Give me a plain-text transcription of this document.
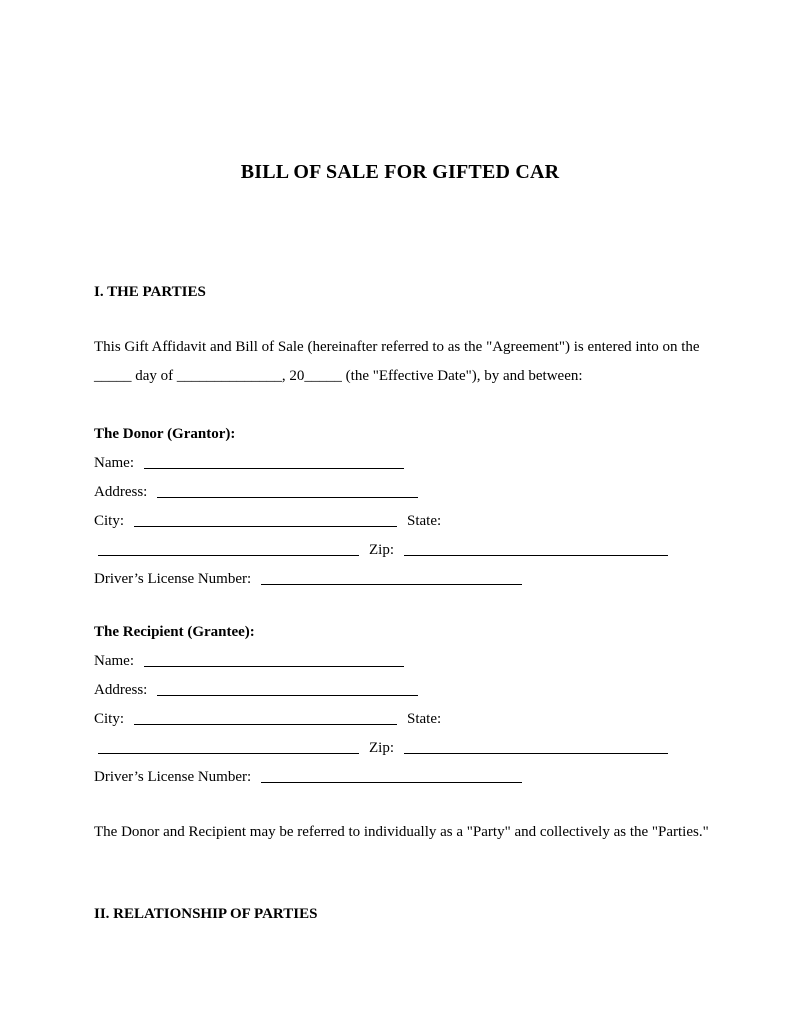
BILL OF SALE FOR GIFTED CAR
I. THE PARTIES
This Gift Affidavit and Bill of Sale (hereinafter referred to as the "Agreement") is entered into on the _____ day of ______________, 20_____ (the "Effective Date"), by and between:
The Donor (Grantor):
Name:
Address:
City:	State:
Zip:
Driver’s License Number:
The Recipient (Grantee):
Name:
Address:
City:	State:
Zip:
Driver’s License Number:
The Donor and Recipient may be referred to individually as a "Party" and collectively as the "Parties."
II. RELATIONSHIP OF PARTIES
